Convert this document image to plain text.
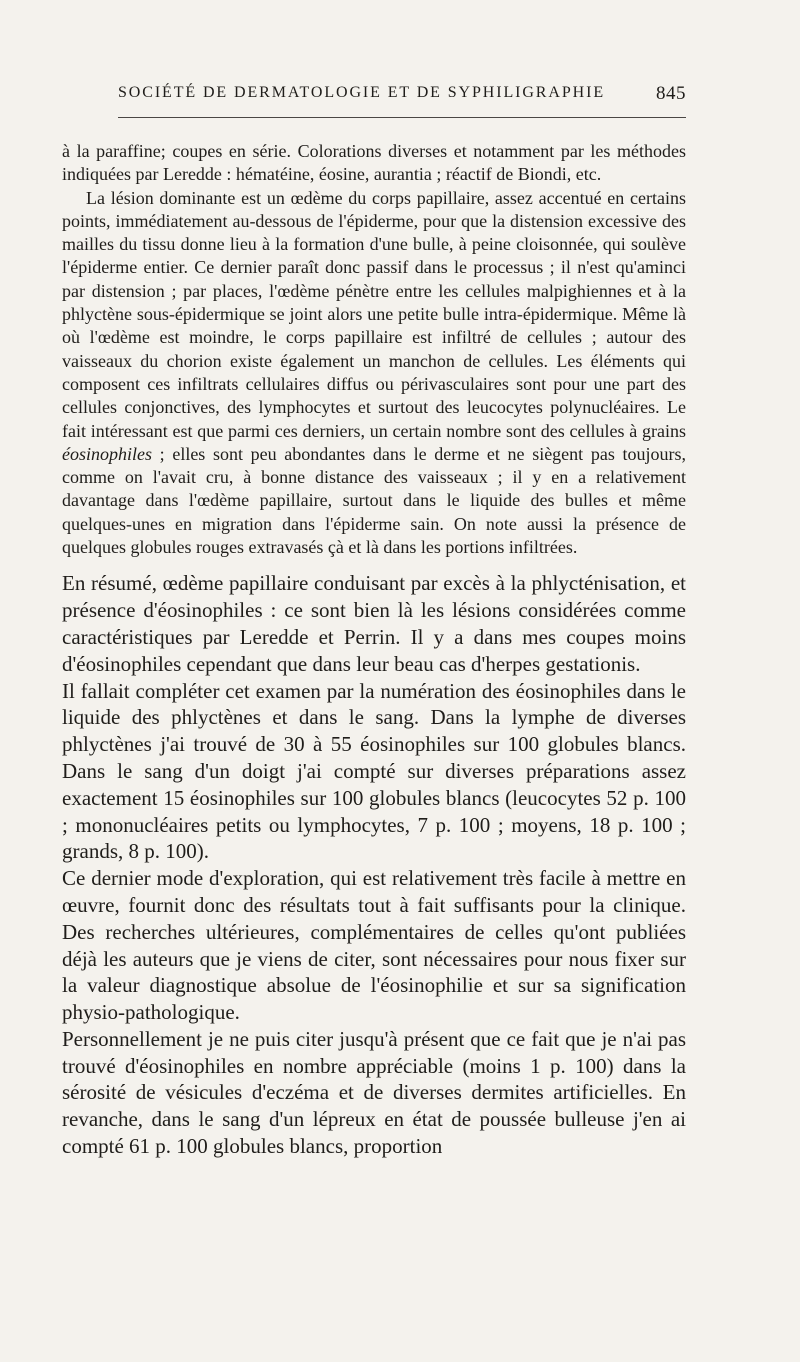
SOCIÉTÉ DE DERMATOLOGIE ET DE SYPHILIGRAPHIE	845

à la paraffine; coupes en série. Colorations diverses et notamment par les méthodes indiquées par Leredde : hématéine, éosine, aurantia ; réactif de Biondi, etc.

La lésion dominante est un œdème du corps papillaire, assez accentué en certains points, immédiatement au-dessous de l'épiderme, pour que la distension excessive des mailles du tissu donne lieu à la formation d'une bulle, à peine cloisonnée, qui soulève l'épiderme entier. Ce dernier paraît donc passif dans le processus ; il n'est qu'aminci par distension ; par places, l'œdème pénètre entre les cellules malpighiennes et à la phlyctène sous-épidermique se joint alors une petite bulle intra-épidermique. Même là où l'œdème est moindre, le corps papillaire est infiltré de cellules ; autour des vaisseaux du chorion existe également un manchon de cellules. Les éléments qui composent ces infiltrats cellulaires diffus ou périvasculaires sont pour une part des cellules conjonctives, des lymphocytes et surtout des leucocytes polynucléaires. Le fait intéressant est que parmi ces derniers, un certain nombre sont des cellules à grains éosinophiles ; elles sont peu abondantes dans le derme et ne siègent pas toujours, comme on l'avait cru, à bonne distance des vaisseaux ; il y en a relativement davantage dans l'œdème papillaire, surtout dans le liquide des bulles et même quelques-unes en migration dans l'épiderme sain. On note aussi la présence de quelques globules rouges extravasés çà et là dans les portions infiltrées.

En résumé, œdème papillaire conduisant par excès à la phlycténisation, et présence d'éosinophiles : ce sont bien là les lésions considérées comme caractéristiques par Leredde et Perrin. Il y a dans mes coupes moins d'éosinophiles cependant que dans leur beau cas d'herpes gestationis.

Il fallait compléter cet examen par la numération des éosinophiles dans le liquide des phlyctènes et dans le sang. Dans la lymphe de diverses phlyctènes j'ai trouvé de 30 à 55 éosinophiles sur 100 globules blancs. Dans le sang d'un doigt j'ai compté sur diverses préparations assez exactement 15 éosinophiles sur 100 globules blancs (leucocytes 52 p. 100 ; mononucléaires petits ou lymphocytes, 7 p. 100 ; moyens, 18 p. 100 ; grands, 8 p. 100).

Ce dernier mode d'exploration, qui est relativement très facile à mettre en œuvre, fournit donc des résultats tout à fait suffisants pour la clinique. Des recherches ultérieures, complémentaires de celles qu'ont publiées déjà les auteurs que je viens de citer, sont nécessaires pour nous fixer sur la valeur diagnostique absolue de l'éosinophilie et sur sa signification physio-pathologique.

Personnellement je ne puis citer jusqu'à présent que ce fait que je n'ai pas trouvé d'éosinophiles en nombre appréciable (moins 1 p. 100) dans la sérosité de vésicules d'eczéma et de diverses dermites artificielles. En revanche, dans le sang d'un lépreux en état de poussée bulleuse j'en ai compté 61 p. 100 globules blancs, proportion
